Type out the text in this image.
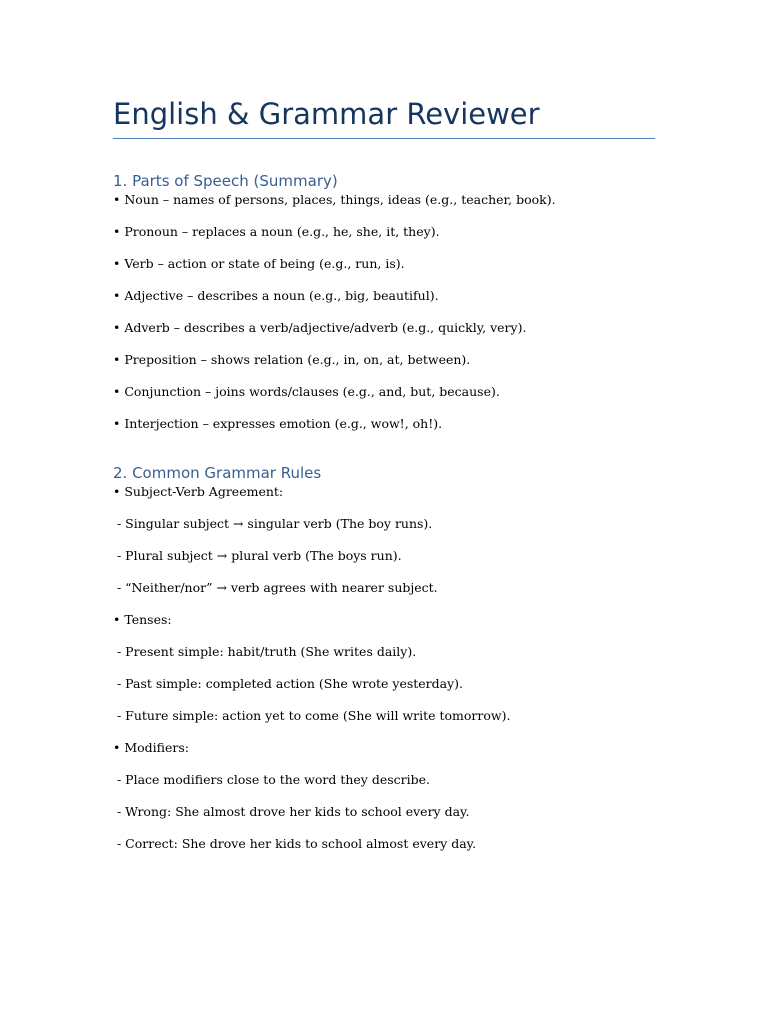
English & Grammar Reviewer
1. Parts of Speech (Summary)
• Noun – names of persons, places, things, ideas (e.g., teacher, book).
• Pronoun – replaces a noun (e.g., he, she, it, they).
• Verb – action or state of being (e.g., run, is).
• Adjective – describes a noun (e.g., big, beautiful).
• Adverb – describes a verb/adjective/adverb (e.g., quickly, very).
• Preposition – shows relation (e.g., in, on, at, between).
• Conjunction – joins words/clauses (e.g., and, but, because).
• Interjection – expresses emotion (e.g., wow!, oh!).
2. Common Grammar Rules
• Subject-Verb Agreement:
- Singular subject → singular verb (The boy runs).
- Plural subject → plural verb (The boys run).
- “Neither/nor” → verb agrees with nearer subject.
• Tenses:
- Present simple: habit/truth (She writes daily).
- Past simple: completed action (She wrote yesterday).
- Future simple: action yet to come (She will write tomorrow).
• Modifiers:
- Place modifiers close to the word they describe.
- Wrong: She almost drove her kids to school every day.
- Correct: She drove her kids to school almost every day.
